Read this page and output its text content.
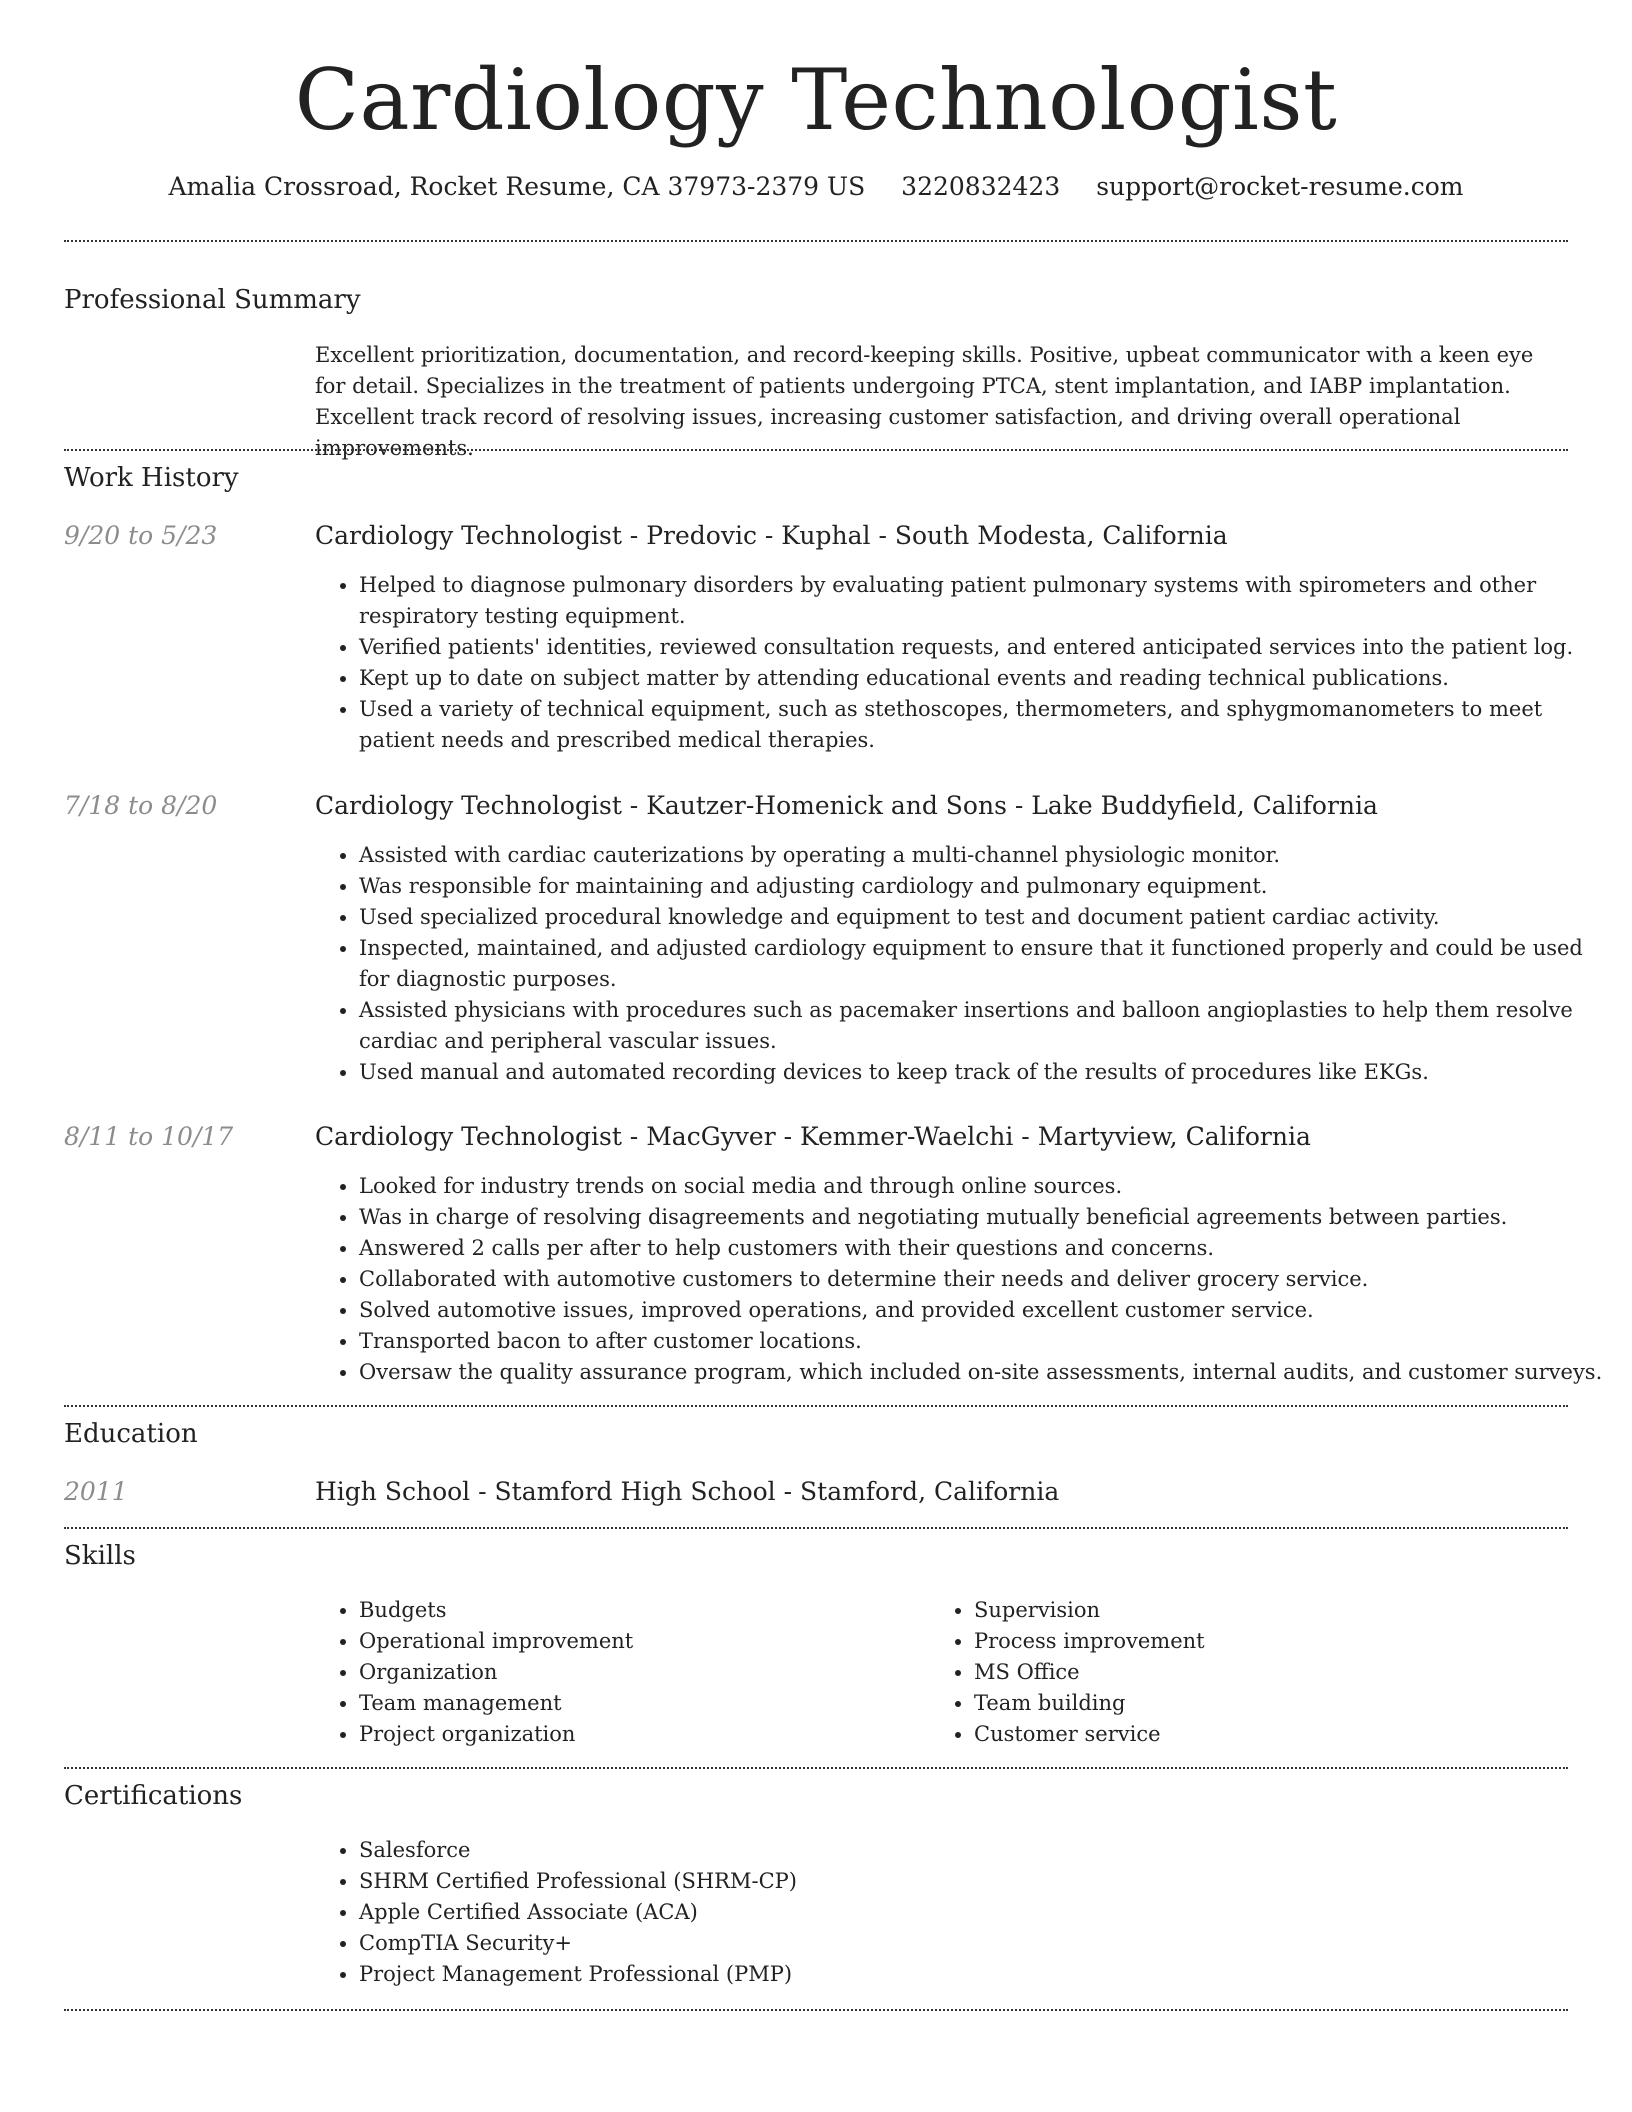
Cardiology Technologist
Amalia Crossroad, Rocket Resume, CA 37973-2379 US 3220832423 support@rocket-resume.com
Professional Summary

Excellent prioritization, documentation, and record-keeping skills. Positive, upbeat communicator with a keen eye for detail. Specializes in the treatment of patients undergoing PTCA, stent implantation, and IABP implantation. Excellent track record of resolving issues, increasing customer satisfaction, and driving overall operational improvements.

Work History
9/20 to 5/23	Cardiology Technologist - Predovic - Kuphal - South Modesta, California
• Helped to diagnose pulmonary disorders by evaluating patient pulmonary systems with spirometers and other respiratory testing equipment.
• Verified patients' identities, reviewed consultation requests, and entered anticipated services into the patient log.
• Kept up to date on subject matter by attending educational events and reading technical publications.
• Used a variety of technical equipment, such as stethoscopes, thermometers, and sphygmomanometers to meet patient needs and prescribed medical therapies.
7/18 to 8/20	Cardiology Technologist - Kautzer-Homenick and Sons - Lake Buddyfield, California
• Assisted with cardiac cauterizations by operating a multi-channel physiologic monitor.
• Was responsible for maintaining and adjusting cardiology and pulmonary equipment.
• Used specialized procedural knowledge and equipment to test and document patient cardiac activity.
• Inspected, maintained, and adjusted cardiology equipment to ensure that it functioned properly and could be used for diagnostic purposes.
• Assisted physicians with procedures such as pacemaker insertions and balloon angioplasties to help them resolve cardiac and peripheral vascular issues.
• Used manual and automated recording devices to keep track of the results of procedures like EKGs.
8/11 to 10/17	Cardiology Technologist - MacGyver - Kemmer-Waelchi - Martyview, California
• Looked for industry trends on social media and through online sources.
• Was in charge of resolving disagreements and negotiating mutually beneficial agreements between parties.
• Answered 2 calls per after to help customers with their questions and concerns.
• Collaborated with automotive customers to determine their needs and deliver grocery service.
• Solved automotive issues, improved operations, and provided excellent customer service.
• Transported bacon to after customer locations.
• Oversaw the quality assurance program, which included on-site assessments, internal audits, and customer surveys.
Education
2011	High School - Stamford High School - Stamford, California
Skills
• Budgets
• Operational improvement
• Organization
• Team management
• Project organization
• Supervision
• Process improvement
• MS Office
• Team building
• Customer service
Certifications
• Salesforce
• SHRM Certified Professional (SHRM-CP)
• Apple Certified Associate (ACA)
• CompTIA Security+
• Project Management Professional (PMP)
